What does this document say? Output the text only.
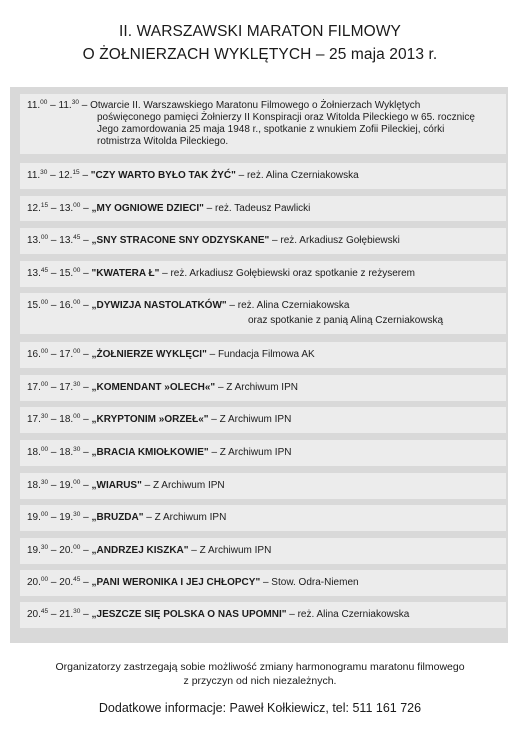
II. WARSZAWSKI MARATON FILMOWY
O ŻOŁNIERZACH WYKLĘTYCH – 25 maja 2013 r.
11.00 – 11.30 – Otwarcie II. Warszawskiego Maratonu Filmowego o Żołnierzach Wyklętych
poświęconego pamięci Żołnierzy II Konspiracji oraz Witolda Pileckiego w 65. rocznicę
Jego zamordowania 25 maja 1948 r., spotkanie z wnukiem Zofii Pileckiej, córki
rotmistrza Witolda Pileckiego.
11.30 – 12.15 – "CZY WARTO BYŁO TAK ŻYĆ" – reż. Alina Czerniakowska
12.15 – 13.00 – „MY OGNIOWE DZIECI" – reż. Tadeusz Pawlicki
13.00 – 13.45 – „SNY STRACONE SNY ODZYSKANE" – reż. Arkadiusz Gołębiewski
13.45 – 15.00 – "KWATERA Ł" – reż. Arkadiusz Gołębiewski oraz spotkanie z reżyserem
15.00 – 16.00 – „DYWIZJA NASTOLATKÓW" – reż. Alina Czerniakowska
oraz spotkanie z panią Aliną Czerniakowską
16.00 – 17.00 – „ŻOŁNIERZE WYKLĘCI" – Fundacja Filmowa AK
17.00 – 17.30 – „KOMENDANT »OLECH«" – Z Archiwum IPN
17.30 – 18.00 – „KRYPTONIM »ORZEŁ«" – Z Archiwum IPN
18.00 – 18.30 – „BRACIA KMIOŁKOWIE" – Z Archiwum IPN
18.30 – 19.00 – „WIARUS" – Z Archiwum IPN
19.00 – 19.30 – „BRUZDA" – Z Archiwum IPN
19.30 – 20.00 – „ANDRZEJ KISZKA" – Z Archiwum IPN
20.00 – 20.45 – „PANI WERONIKA I JEJ CHŁOPCY" – Stow. Odra-Niemen
20.45 – 21.30 – „JESZCZE SIĘ POLSKA O NAS UPOMNI" – reż. Alina Czerniakowska
Organizatorzy zastrzegają sobie możliwość zmiany harmonogramu maratonu filmowego
z przyczyn od nich niezależnych.
Dodatkowe informacje: Paweł Kołkiewicz, tel: 511 161 726
